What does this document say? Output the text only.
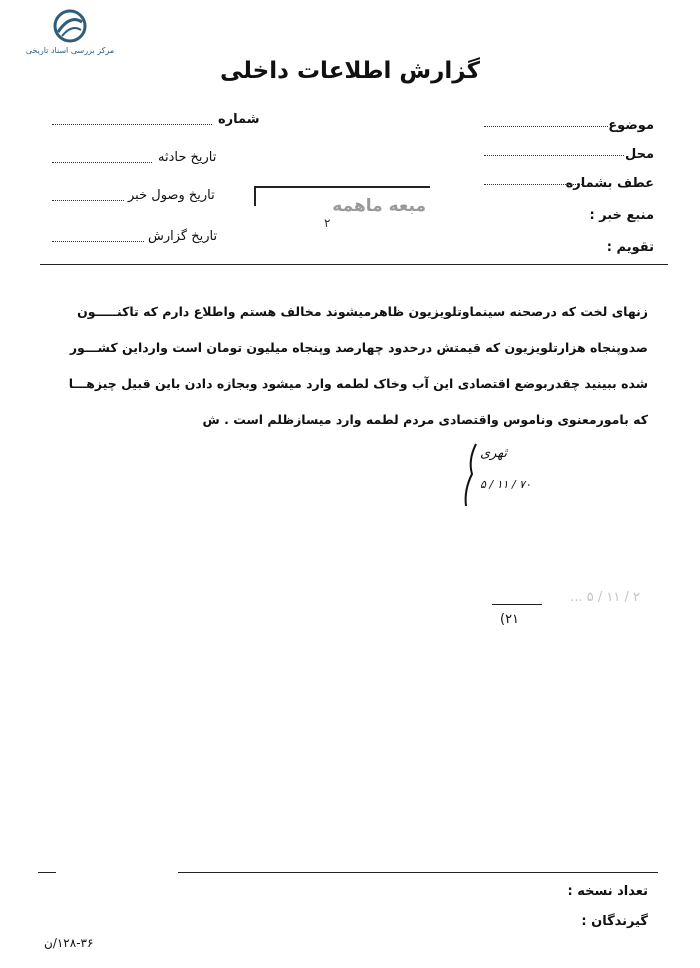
مرکز بررسی اسناد تاریخی
گزارش اطلاعات داخلی
موضوع
محل
عطف بشماره
منبع خبر :
تقویم :
شماره
تاریخ حادثه
تاریخ وصول خبر
تاریخ گزارش
مبعه ماهمه
۲
زنهای لخت که درصحنه سینماوتلویزیون ظاهرمیشوند مخالف هستم واطلاع دارم که تاکنـــــون
صدوپنجاه هزارتلویزیون که قیمتش درحدود چهارصد وپنجاه میلیون تومان است وارداین کشـــور
شده ببینید چقدربوضع اقتصادی این آب وخاک لطمه وارد میشود وبجازه دادن باین قبیل چیزهـــا
که بامورمعنوی وناموس واقتصادی مردم لطمه وارد میسازظلم است . ش
ثهری
۵ / ۱۱ / ۷۰
۲ / ۱۱ / ۵ ...
(۲۱
تعداد نسخه :
گیرندگان :
۱۲۸-۳۶/ن
